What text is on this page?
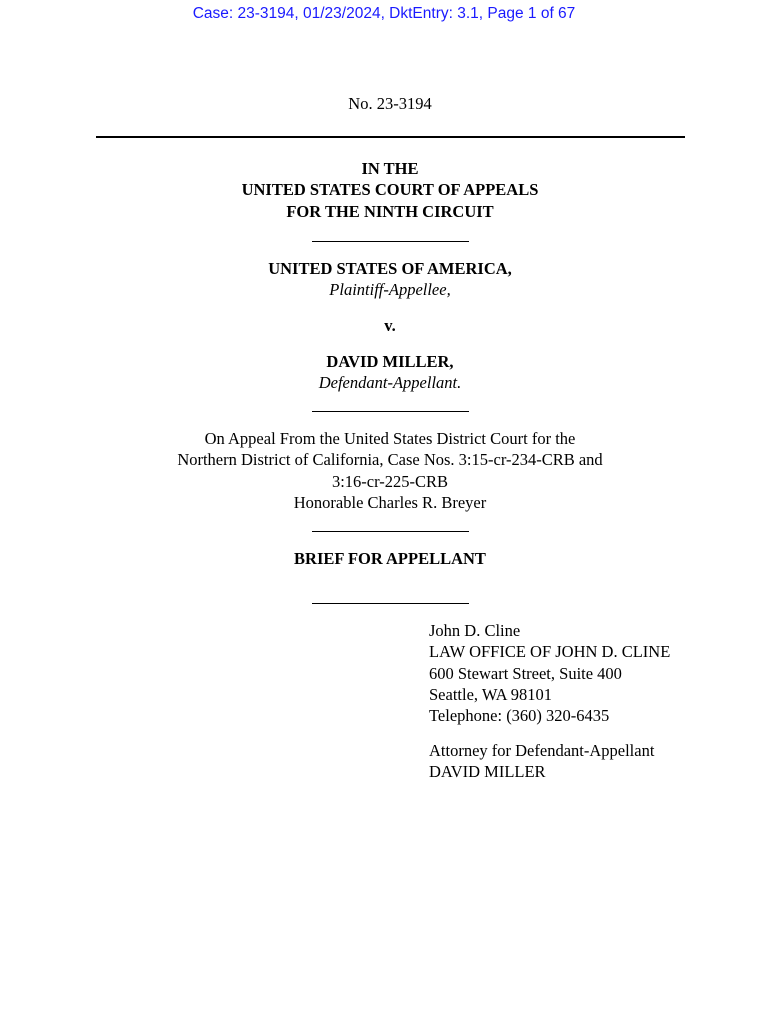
Case: 23-3194, 01/23/2024, DktEntry: 3.1, Page 1 of 67
No. 23-3194
IN THE
UNITED STATES COURT OF APPEALS
FOR THE NINTH CIRCUIT
UNITED STATES OF AMERICA,
Plaintiff-Appellee,
v.
DAVID MILLER,
Defendant-Appellant.
On Appeal From the United States District Court for the
Northern District of California, Case Nos. 3:15-cr-234-CRB and
3:16-cr-225-CRB
Honorable Charles R. Breyer
BRIEF FOR APPELLANT
John D. Cline
LAW OFFICE OF JOHN D. CLINE
600 Stewart Street, Suite 400
Seattle, WA 98101
Telephone: (360) 320-6435
Attorney for Defendant-Appellant
DAVID MILLER
